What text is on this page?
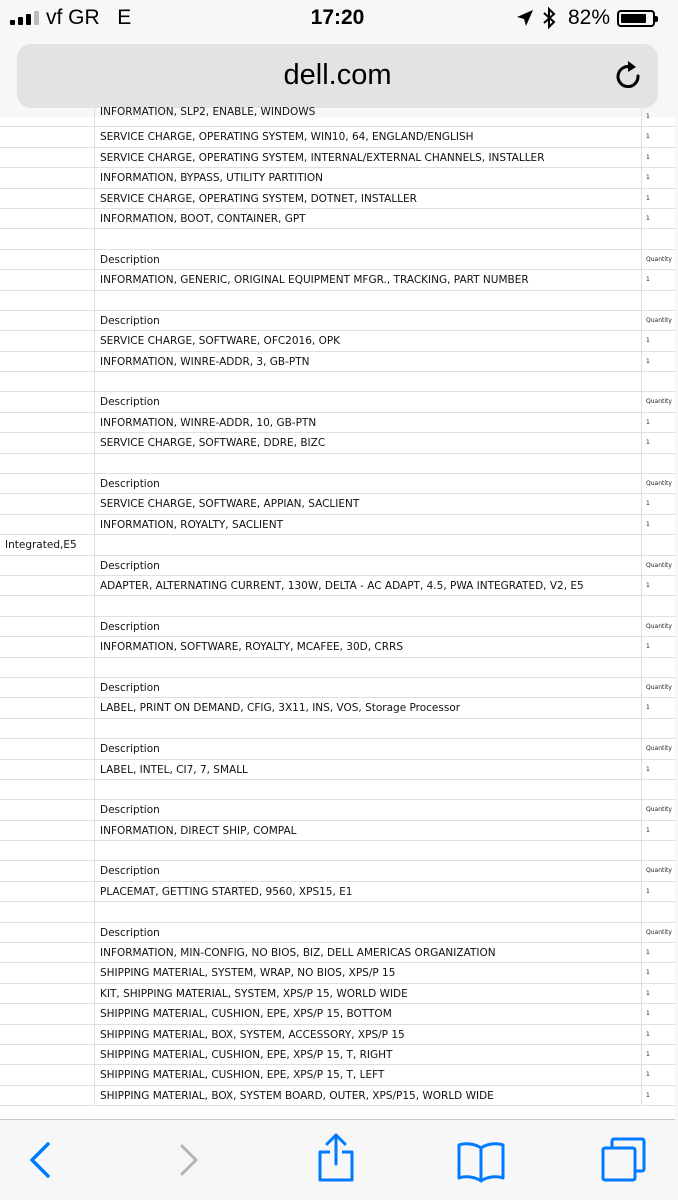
vf GR E	17:20	82%
dell.com
INFORMATION, SLP2, ENABLE, WINDOWS	1
SERVICE CHARGE, OPERATING SYSTEM, WIN10, 64, ENGLAND/ENGLISH	1
SERVICE CHARGE, OPERATING SYSTEM, INTERNAL/EXTERNAL CHANNELS, INSTALLER	1
INFORMATION, BYPASS, UTILITY PARTITION	1
SERVICE CHARGE, OPERATING SYSTEM, DOTNET, INSTALLER	1
INFORMATION, BOOT, CONTAINER, GPT	1
Description	Quantity
INFORMATION, GENERIC, ORIGINAL EQUIPMENT MFGR., TRACKING, PART NUMBER	1
Description	Quantity
SERVICE CHARGE, SOFTWARE, OFC2016, OPK	1
INFORMATION, WINRE-ADDR, 3, GB-PTN	1
Description	Quantity
INFORMATION, WINRE-ADDR, 10, GB-PTN	1
SERVICE CHARGE, SOFTWARE, DDRE, BIZC	1
Description	Quantity
SERVICE CHARGE, SOFTWARE, APPIAN, SACLIENT	1
INFORMATION, ROYALTY, SACLIENT	1
Integrated,E5
Description	Quantity
ADAPTER, ALTERNATING CURRENT, 130W, DELTA - AC ADAPT, 4.5, PWA INTEGRATED, V2, E5	1
Description	Quantity
INFORMATION, SOFTWARE, ROYALTY, MCAFEE, 30D, CRRS	1
Description	Quantity
LABEL, PRINT ON DEMAND, CFIG, 3X11, INS, VOS, Storage Processor	1
Description	Quantity
LABEL, INTEL, CI7, 7, SMALL	1
Description	Quantity
INFORMATION, DIRECT SHIP, COMPAL	1
Description	Quantity
PLACEMAT, GETTING STARTED, 9560, XPS15, E1	1
Description	Quantity
INFORMATION, MIN-CONFIG, NO BIOS, BIZ, DELL AMERICAS ORGANIZATION	1
SHIPPING MATERIAL, SYSTEM, WRAP, NO BIOS, XPS/P 15	1
KIT, SHIPPING MATERIAL, SYSTEM, XPS/P 15, WORLD WIDE	1
SHIPPING MATERIAL, CUSHION, EPE, XPS/P 15, BOTTOM	1
SHIPPING MATERIAL, BOX, SYSTEM, ACCESSORY, XPS/P 15	1
SHIPPING MATERIAL, CUSHION, EPE, XPS/P 15, T, RIGHT	1
SHIPPING MATERIAL, CUSHION, EPE, XPS/P 15, T, LEFT	1
SHIPPING MATERIAL, BOX, SYSTEM BOARD, OUTER, XPS/P15, WORLD WIDE	1
